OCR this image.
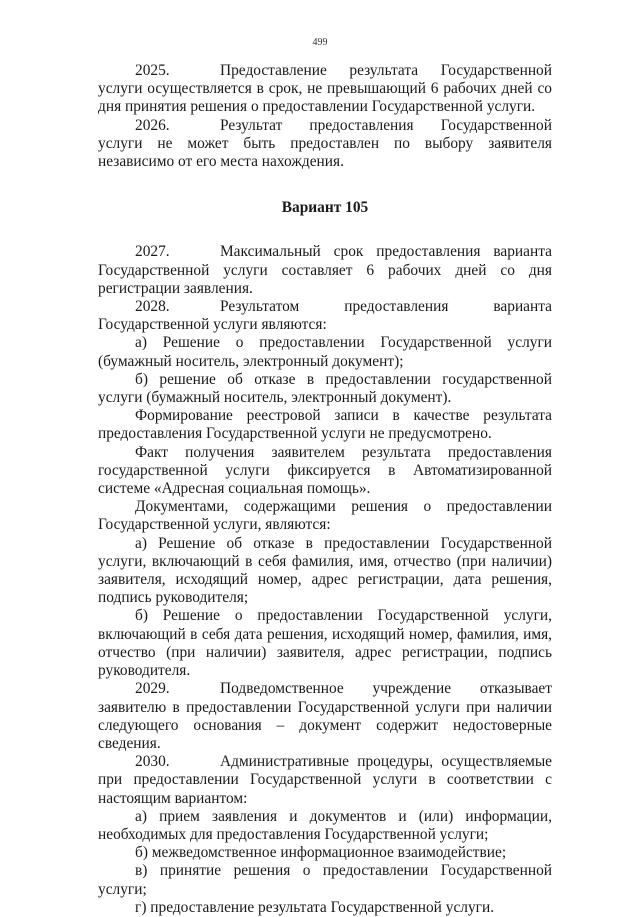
499

2025.	Предоставление результата Государственной услуги осуществляется в срок, не превышающий 6 рабочих дней со дня принятия решения о предоставлении Государственной услуги.

2026.	Результат предоставления Государственной услуги не может быть предоставлен по выбору заявителя независимо от его места нахождения.

Вариант 105

2027.	Максимальный срок предоставления варианта Государственной услуги составляет 6 рабочих дней со дня регистрации заявления.

2028.	Результатом предоставления варианта Государственной услуги являются:

а) Решение о предоставлении Государственной услуги (бумажный носитель, электронный документ);

б) решение об отказе в предоставлении государственной услуги (бумажный носитель, электронный документ).

Формирование реестровой записи в качестве результата предоставления Государственной услуги не предусмотрено.

Факт получения заявителем результата предоставления государственной услуги фиксируется в Автоматизированной системе «Адресная социальная помощь».

Документами, содержащими решения о предоставлении Государственной услуги, являются:

а) Решение об отказе в предоставлении Государственной услуги, включающий в себя фамилия, имя, отчество (при наличии) заявителя, исходящий номер, адрес регистрации, дата решения, подпись руководителя;

б) Решение о предоставлении Государственной услуги, включающий в себя дата решения, исходящий номер, фамилия, имя, отчество (при наличии) заявителя, адрес регистрации, подпись руководителя.

2029.	Подведомственное учреждение отказывает заявителю в предоставлении Государственной услуги при наличии следующего основания – документ содержит недостоверные сведения.

2030.	Административные процедуры, осуществляемые при предоставлении Государственной услуги в соответствии с настоящим вариантом:

а) прием заявления и документов и (или) информации, необходимых для предоставления Государственной услуги;

б) межведомственное информационное взаимодействие;

в) принятие решения о предоставлении Государственной услуги;

г) предоставление результата Государственной услуги.
